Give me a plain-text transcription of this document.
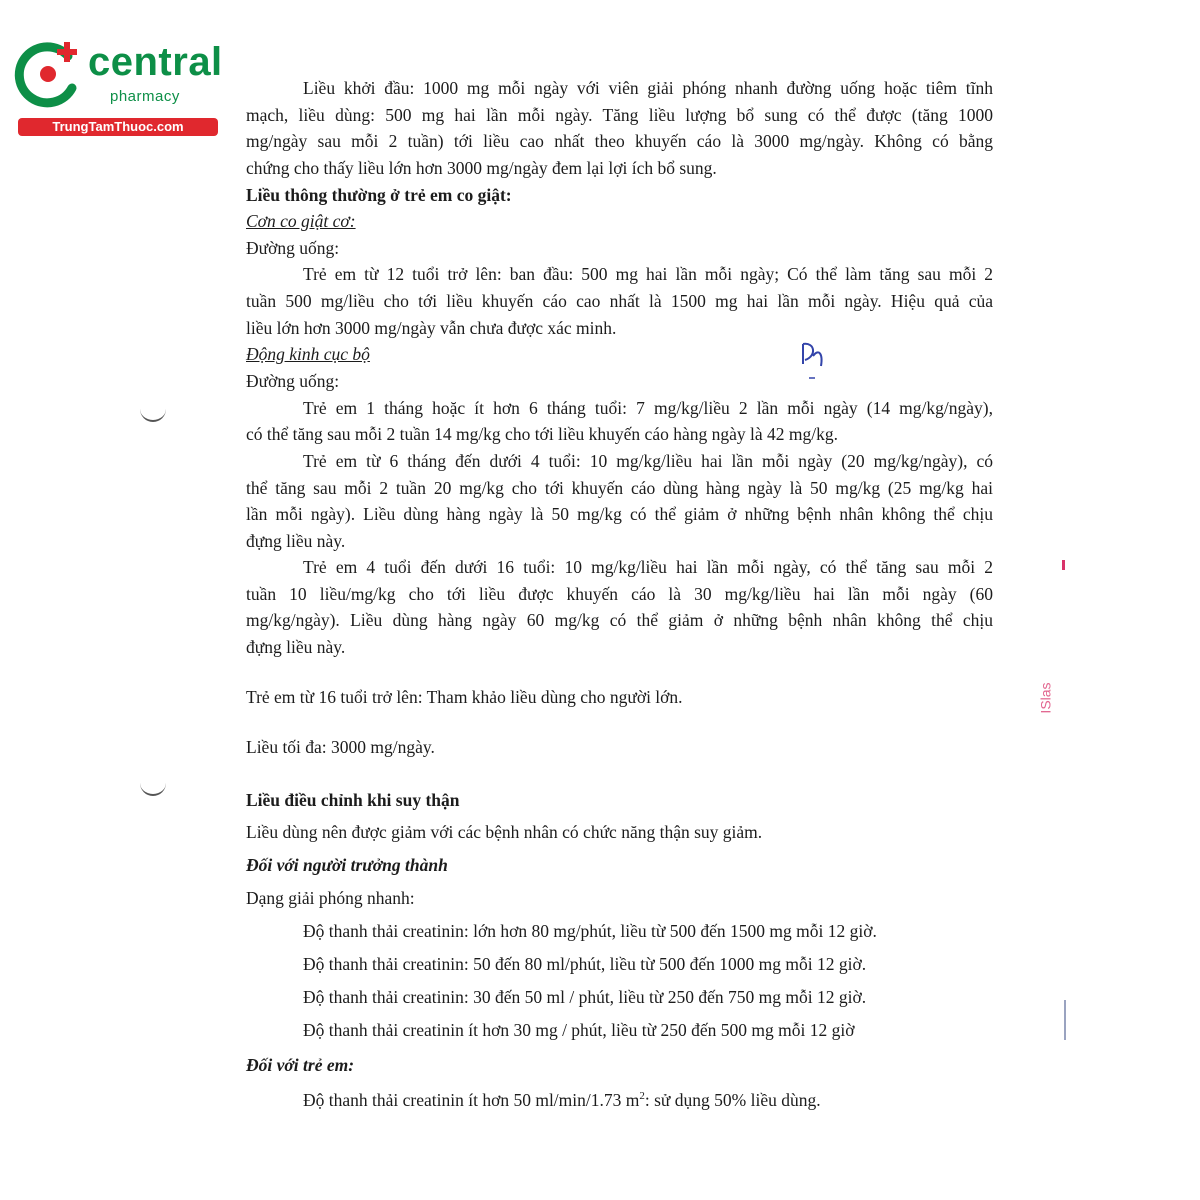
central
pharmacy
TrungTamThuoc.com
Liều khởi đầu: 1000 mg mỗi ngày với viên giải phóng nhanh đường uống hoặc tiêm tĩnh
mạch, liều dùng: 500 mg hai lần mỗi ngày. Tăng liều lượng bổ sung có thể được (tăng 1000
mg/ngày sau mỗi 2 tuần) tới liều cao nhất theo khuyến cáo là 3000 mg/ngày. Không có bằng
chứng cho thấy liều lớn hơn 3000 mg/ngày đem lại lợi ích bổ sung.
Liều thông thường ở trẻ em co giật:
Cơn co giật cơ:
Đường uống:
Trẻ em từ 12 tuổi trở lên: ban đầu: 500 mg hai lần mỗi ngày; Có thể làm tăng sau mỗi 2
tuần 500 mg/liều cho tới liều khuyến cáo cao nhất là 1500 mg hai lần mỗi ngày. Hiệu quả của
liều lớn hơn 3000 mg/ngày vẫn chưa được xác minh.
Động kinh cục bộ
Đường uống:
Trẻ em 1 tháng hoặc ít hơn 6 tháng tuổi: 7 mg/kg/liều 2 lần mỗi ngày (14 mg/kg/ngày),
có thể tăng sau mỗi 2 tuần 14 mg/kg cho tới liều khuyến cáo hàng ngày là 42 mg/kg.
Trẻ em từ 6 tháng đến dưới 4 tuổi: 10 mg/kg/liều hai lần mỗi ngày (20 mg/kg/ngày), có
thể tăng sau mỗi 2 tuần 20 mg/kg cho tới khuyến cáo dùng hàng ngày là 50 mg/kg (25 mg/kg hai
lần mỗi ngày). Liều dùng hàng ngày là 50 mg/kg có thể giảm ở những bệnh nhân không thể chịu
đựng liều này.
Trẻ em 4 tuổi đến dưới 16 tuổi: 10 mg/kg/liều hai lần mỗi ngày, có thể tăng sau mỗi 2
tuần 10 liều/mg/kg cho tới liều được khuyến cáo là 30 mg/kg/liều hai lần mỗi ngày (60
mg/kg/ngày). Liều dùng hàng ngày 60 mg/kg có thể giảm ở những bệnh nhân không thể chịu
đựng liều này.
Trẻ em từ 16 tuổi trở lên: Tham khảo liều dùng cho người lớn.
Liều tối đa: 3000 mg/ngày.
Liều điều chỉnh khi suy thận
Liều dùng nên được giảm với các bệnh nhân có chức năng thận suy giảm.
Đối với người trưởng thành
Dạng giải phóng nhanh:
Độ thanh thải creatinin: lớn hơn 80 mg/phút, liều từ 500 đến 1500 mg mỗi 12 giờ.
Độ thanh thải creatinin: 50 đến 80 ml/phút, liều từ 500 đến 1000 mg mỗi 12 giờ.
Độ thanh thải creatinin: 30 đến 50 ml / phút, liều từ 250 đến 750 mg mỗi 12 giờ.
Độ thanh thải creatinin ít hơn 30 mg / phút, liều từ 250 đến 500 mg mỗi 12 giờ
Đối với trẻ em:
Độ thanh thải creatinin ít hơn 50 ml/min/1.73 $m^2$: sử dụng 50% liều dùng.
ISlas
